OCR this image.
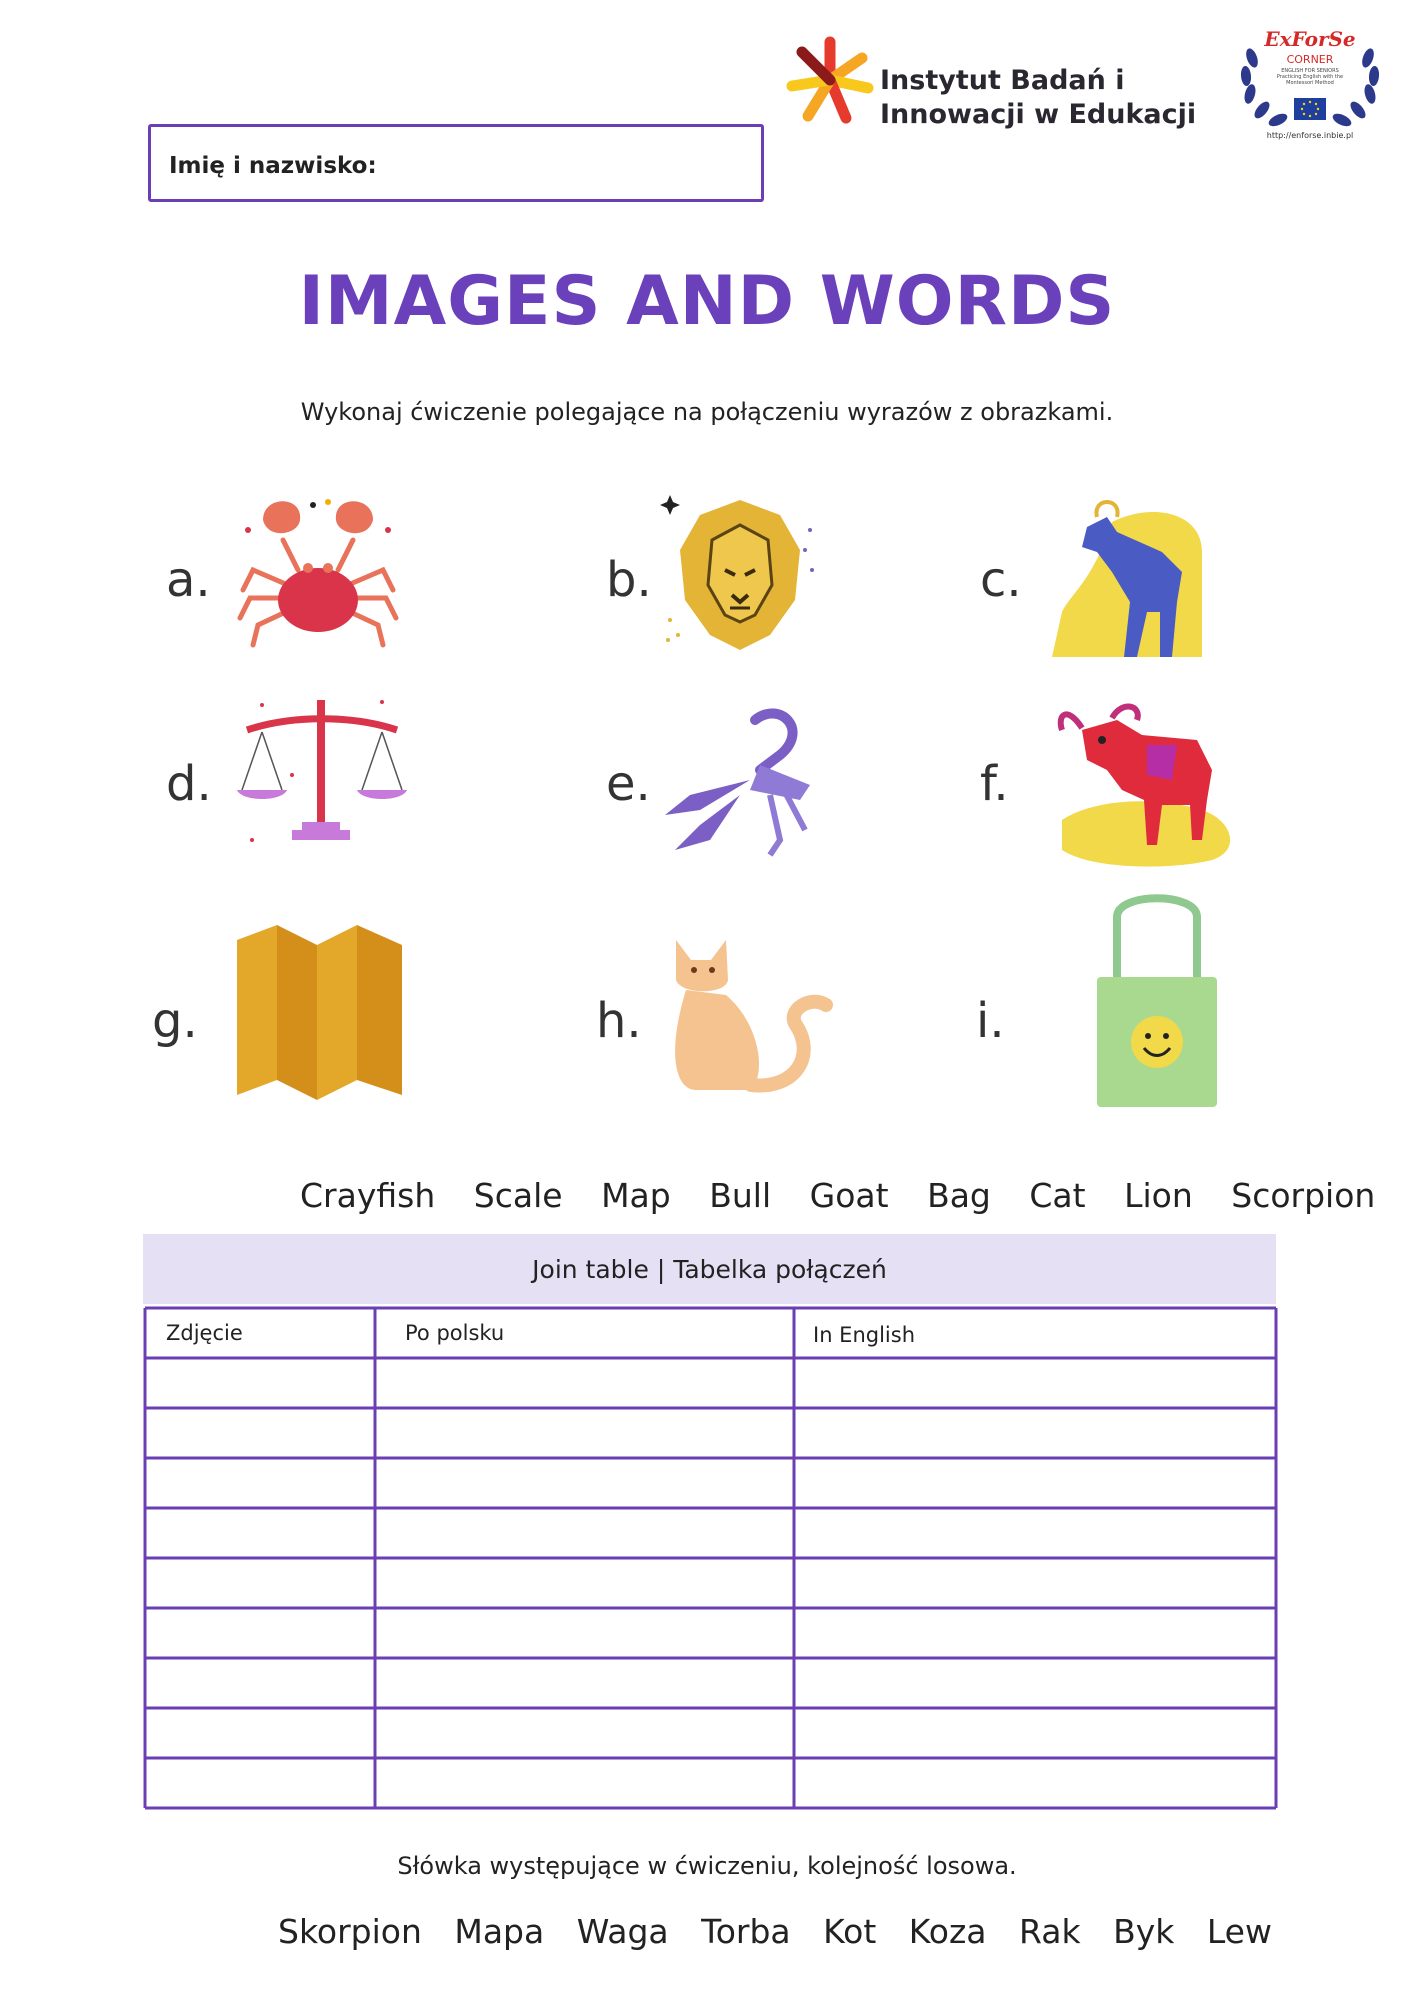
Instytut Badań i
Innowacji w Edukacji
ExForSe
CORNER
ENGLISH FOR SENIORS Practicing English with the Montessori Method
http://enforse.inbie.pl
Imię i nazwisko:
IMAGES AND WORDS
Wykonaj ćwiczenie polegające na połączeniu wyrazów z obrazkami.
a.	b.	c.
d.	e.	f.
g.	h.	i.
Crayfish Scale Map Bull Goat Bag Cat Lion Scorpion
Join table | Tabelka połączeń
Zdjęcie	Po polsku	In English
Słówka występujące w ćwiczeniu, kolejność losowa.
Skorpion Mapa Waga Torba Kot Koza Rak Byk Lew
